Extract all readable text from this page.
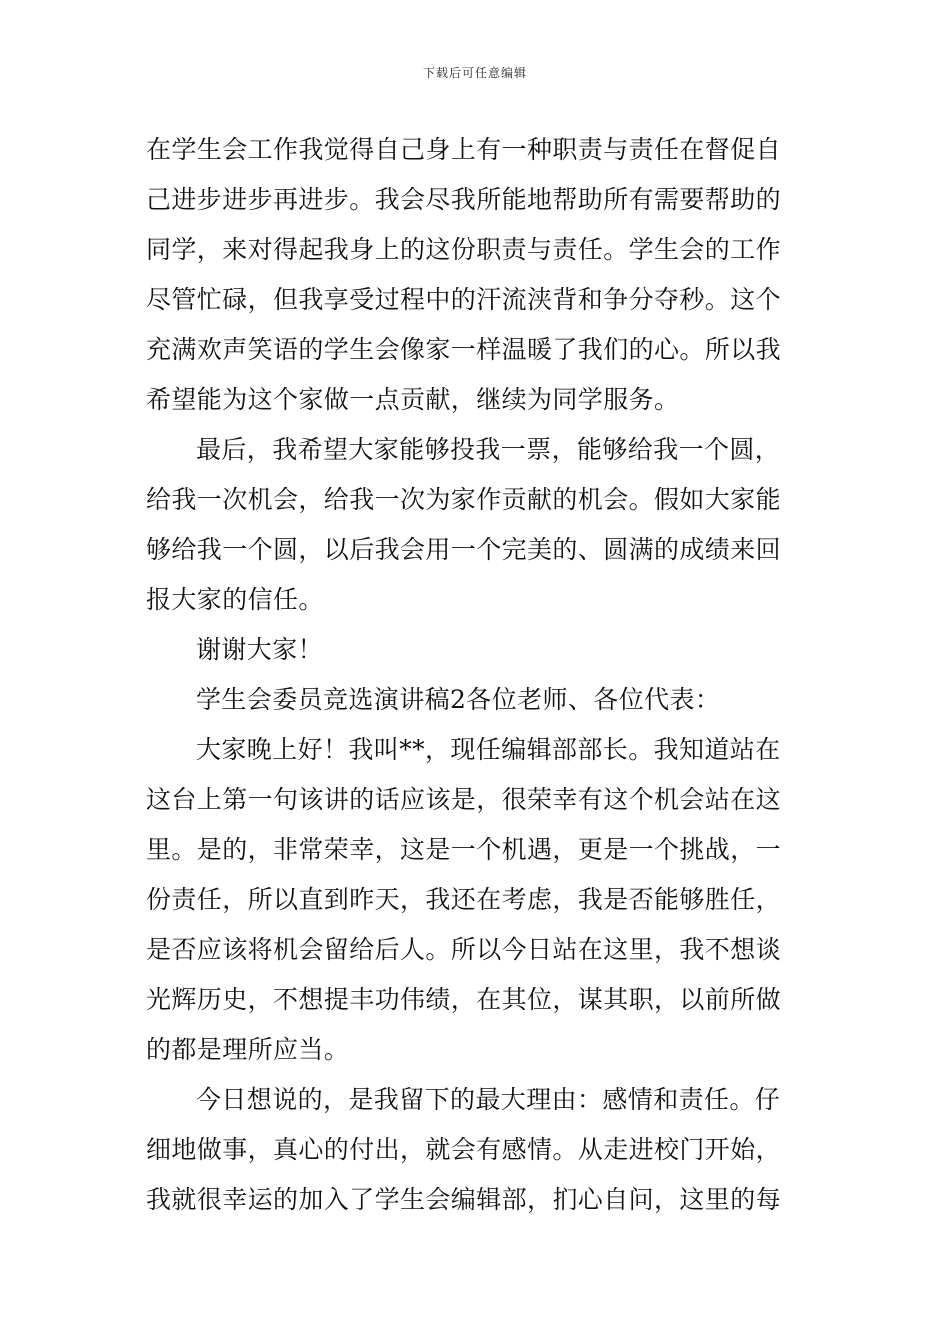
下载后可任意编辑
在学生会工作我觉得自己身上有一种职责与责任在督促自
己进步进步再进步。我会尽我所能地帮助所有需要帮助的
同学，来对得起我身上的这份职责与责任。学生会的工作
尽管忙碌，但我享受过程中的汗流浃背和争分夺秒。这个
充满欢声笑语的学生会像家一样温暖了我们的心。所以我
希望能为这个家做一点贡献，继续为同学服务。
最后，我希望大家能够投我一票，能够给我一个圆，
给我一次机会，给我一次为家作贡献的机会。假如大家能
够给我一个圆，以后我会用一个完美的、圆满的成绩来回
报大家的信任。
谢谢大家！
学生会委员竞选演讲稿2各位老师、各位代表：
大家晚上好！我叫**，现任编辑部部长。我知道站在
这台上第一句该讲的话应该是，很荣幸有这个机会站在这
里。是的，非常荣幸，这是一个机遇，更是一个挑战，一
份责任，所以直到昨天，我还在考虑，我是否能够胜任，
是否应该将机会留给后人。所以今日站在这里，我不想谈
光辉历史，不想提丰功伟绩，在其位，谋其职，以前所做
的都是理所应当。
今日想说的，是我留下的最大理由：感情和责任。仔
细地做事，真心的付出，就会有感情。从走进校门开始，
我就很幸运的加入了学生会编辑部，扪心自问，这里的每
